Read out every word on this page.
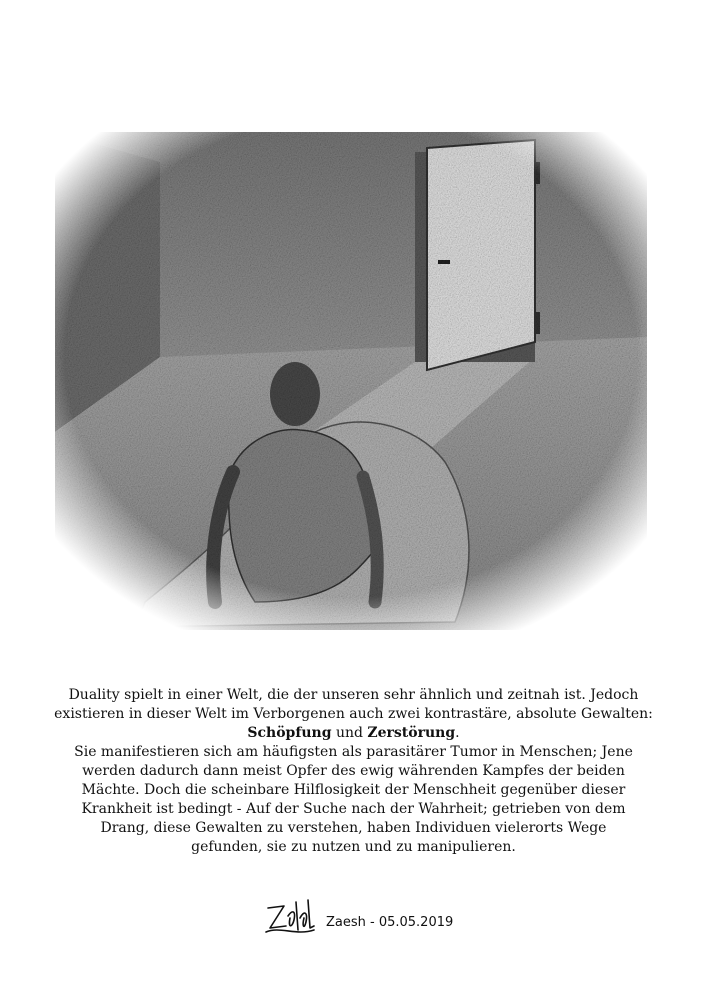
Duality spielt in einer Welt, die der unseren sehr ähnlich und zeitnah ist. Jedoch
existieren in dieser Welt im Verborgenen auch zwei kontrastäre, absolute Gewalten:
Schöpfung und Zerstörung.
Sie manifestieren sich am häufigsten als parasitärer Tumor in Menschen; Jene
werden dadurch dann meist Opfer des ewig währenden Kampfes der beiden
Mächte. Doch die scheinbare Hilflosigkeit der Menschheit gegenüber dieser
Krankheit ist bedingt - Auf der Suche nach der Wahrheit; getrieben von dem
Drang, diese Gewalten zu verstehen, haben Individuen vielerorts Wege
gefunden, sie zu nutzen und zu manipulieren.

Zaesh - 05.05.2019
